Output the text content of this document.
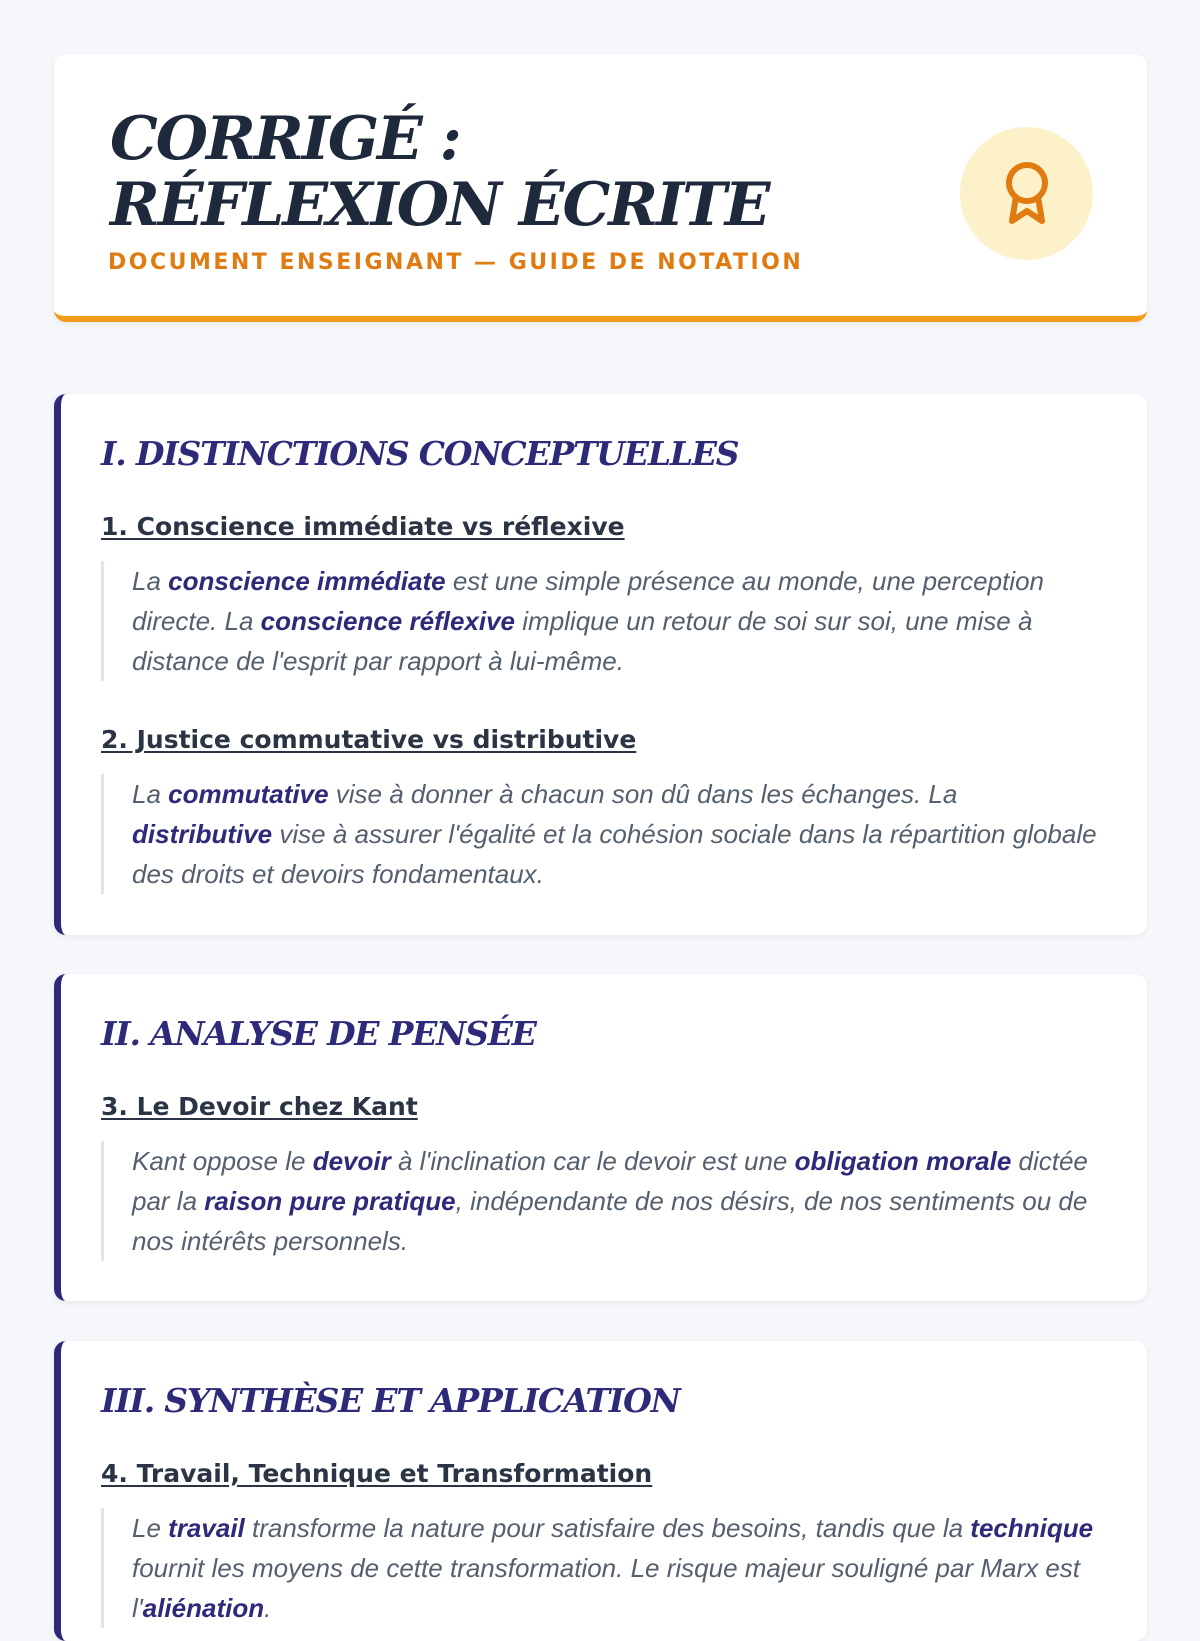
CORRIGÉ : RÉFLEXION ÉCRITE
DOCUMENT ENSEIGNANT — GUIDE DE NOTATION
I. DISTINCTIONS CONCEPTUELLES
1. Conscience immédiate vs réflexive
La conscience immédiate est une simple présence au monde, une perception directe. La conscience réflexive implique un retour de soi sur soi, une mise à distance de l'esprit par rapport à lui-même.
2. Justice commutative vs distributive
La commutative vise à donner à chacun son dû dans les échanges. La distributive vise à assurer l'égalité et la cohésion sociale dans la répartition globale des droits et devoirs fondamentaux.
II. ANALYSE DE PENSÉE
3. Le Devoir chez Kant
Kant oppose le devoir à l'inclination car le devoir est une obligation morale dictée par la raison pure pratique, indépendante de nos désirs, de nos sentiments ou de nos intérêts personnels.
III. SYNTHÈSE ET APPLICATION
4. Travail, Technique et Transformation
Le travail transforme la nature pour satisfaire des besoins, tandis que la technique fournit les moyens de cette transformation. Le risque majeur souligné par Marx est l'aliénation.
